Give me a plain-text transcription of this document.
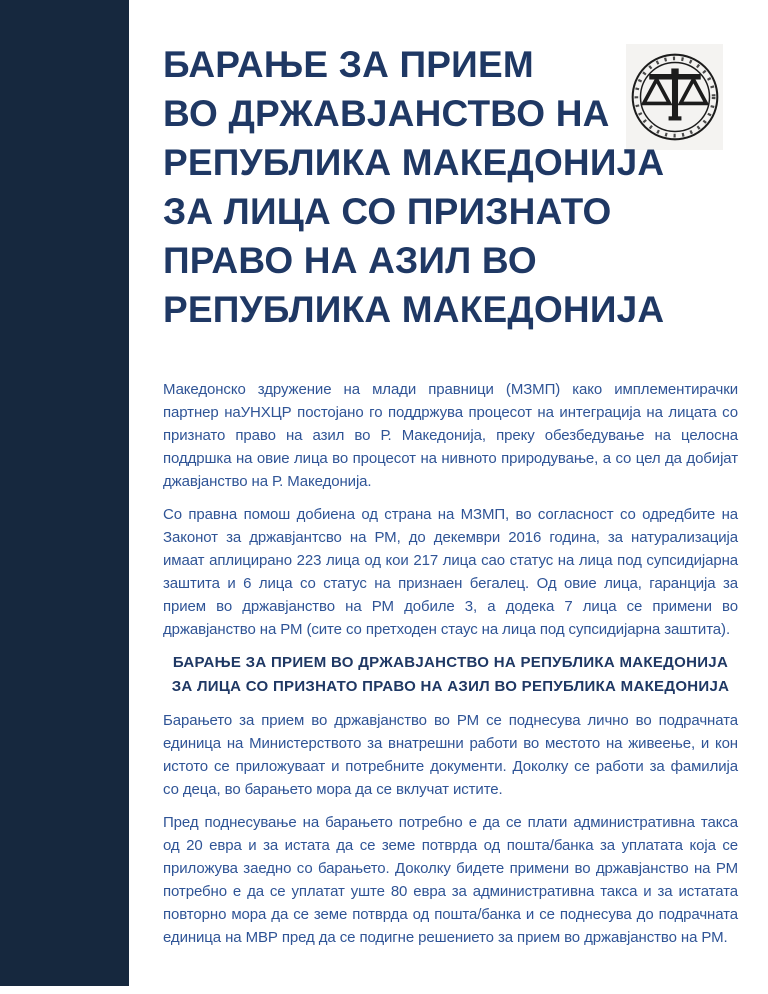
БАРАЊЕ ЗА ПРИЕМ
ВО ДРЖАВЈАНСТВО НА
РЕПУБЛИКА МАКЕДОНИЈА
ЗА ЛИЦА СО ПРИЗНАТО
ПРАВО НА АЗИЛ ВО
РЕПУБЛИКА МАКЕДОНИЈА

Македонско здружение на млади правници (МЗМП) како имплементирачки партнер наУНХЦР постојано го поддржува процесот на интеграција на лицата со признато право на азил во Р. Македонија, преку обезбедување на целосна поддршка на овие лица во процесот на нивното природување, а со цел да добијат джавјанство на Р. Македонија.

Со правна помош добиена од страна на МЗМП, во согласност со одредбите на Законот за државјантсво на РМ, до декември 2016 година, за натурализација имаат аплицирано 223 лица од кои 217 лица сао статус на лица под супсидијарна заштита и 6 лица со статус на признаен бегалец. Од овие лица, гаранција за прием во државјанство на РМ добиле 3, а додека 7 лица се примени во државјанство на РМ (сите со претходен стаус на лица под супсидијарна заштита).

БАРАЊЕ ЗА ПРИЕМ ВО ДРЖАВЈАНСТВО НА РЕПУБЛИКА МАКЕДОНИЈА ЗА ЛИЦА СО ПРИЗНАТО ПРАВО НА АЗИЛ ВО РЕПУБЛИКА МАКЕДОНИЈА

Барањето за прием во државјанство во РМ се поднесува лично во подрачната единица на Министерството за внатрешни работи во местото на живеење, и кон истото се приложуваат и потребните документи. Доколку се работи за фамилија со деца, во барањето мора да се вклучат истите.

Пред поднесување на барањето потребно е да се плати административна такса од 20 евра и за истата да се земе потврда од пошта/банка за уплатата која се приложува заедно со барањето. Доколку бидете примени во државјанство на РМ потребно е да се уплатат уште 80 евра за административна такса и за истатата повторно мора да се земе потврда од пошта/банка и се поднесува до подрачната единица на МВР пред да се подигне решението за прием во државјанство на РМ.
